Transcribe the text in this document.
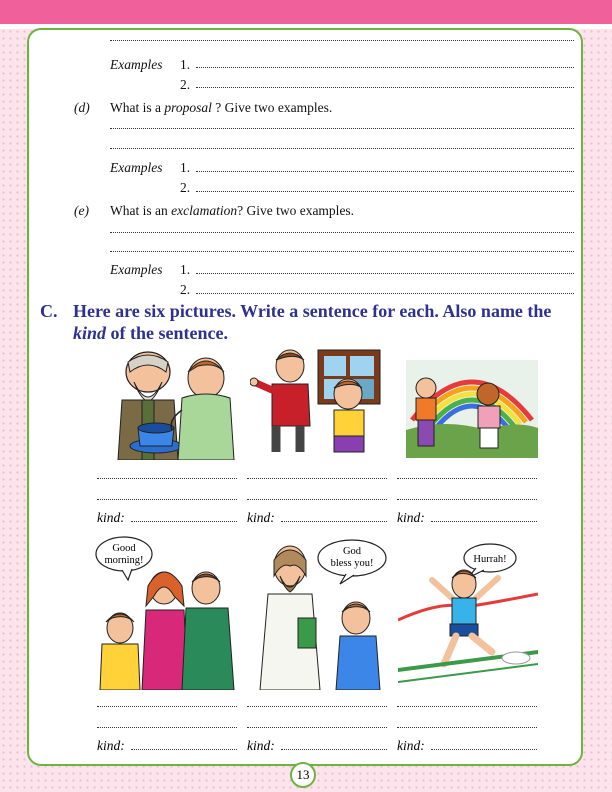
Examples 1.
2.
(d) What is a proposal ? Give two examples.
Examples 1.
2.
(e) What is an exclamation? Give two examples.
Examples 1.
2.
C. Here are six pictures. Write a sentence for each. Also name the kind of the sentence.
kind:	kind:	kind:
Good
morning!
God
bless you!	Hurrah!
kind:	kind:	kind:
13
